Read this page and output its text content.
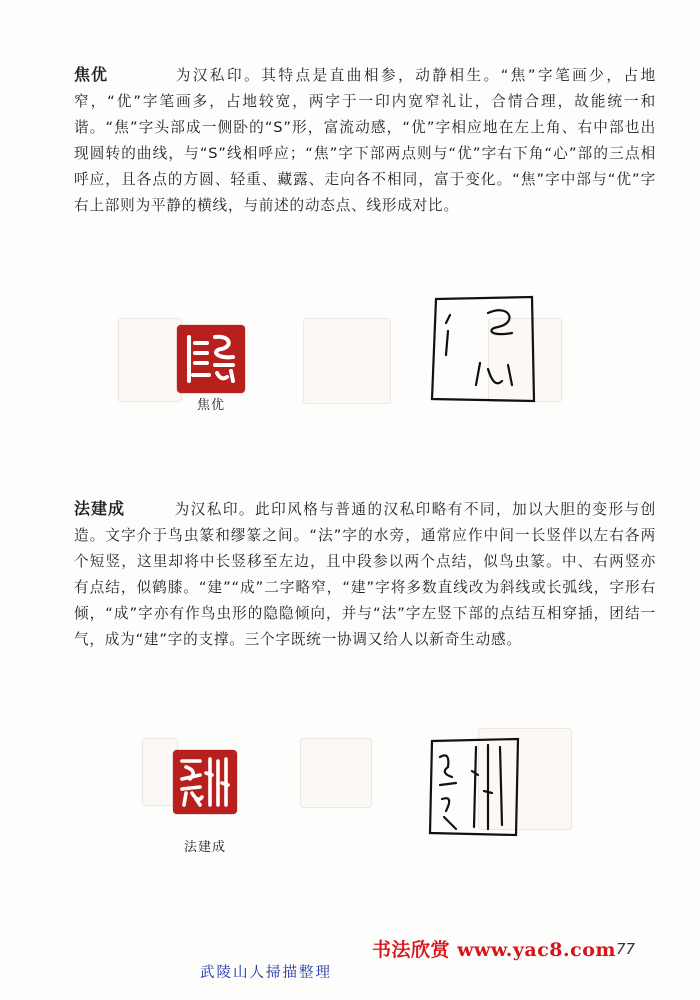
焦优	为汉私印。其特点是直曲相参，动静相生。“焦”字笔画少，占地窄，“优”字笔画多，占地较宽，两字于一印内宽窄礼让，合情合理，故能统一和谐。“焦”字头部成一侧卧的“S”形，富流动感，“优”字相应地在左上角、右中部也出现圆转的曲线，与“S”线相呼应；“焦”字下部两点则与“优”字右下角“心”部的三点相呼应，且各点的方圆、轻重、藏露、走向各不相同，富于变化。“焦”字中部与“优”字右上部则为平静的横线，与前述的动态点、线形成对比。

焦优

法建成	为汉私印。此印风格与普通的汉私印略有不同，加以大胆的变形与创造。文字介于鸟虫篆和缪篆之间。“法”字的水旁，通常应作中间一长竖伴以左右各两个短竖，这里却将中长竖移至左边，且中段参以两个点结，似鸟虫篆。中、右两竖亦有点结，似鹤膝。“建”“成”二字略窄，“建”字将多数直线改为斜线或长弧线，字形右倾，“成”字亦有作鸟虫形的隐隐倾向，并与“法”字左竖下部的点结互相穿插，团结一气，成为“建”字的支撑。三个字既统一协调又给人以新奇生动感。

法建成
书法欣赏 www.yac8.com 77
武陵山人掃描整理
